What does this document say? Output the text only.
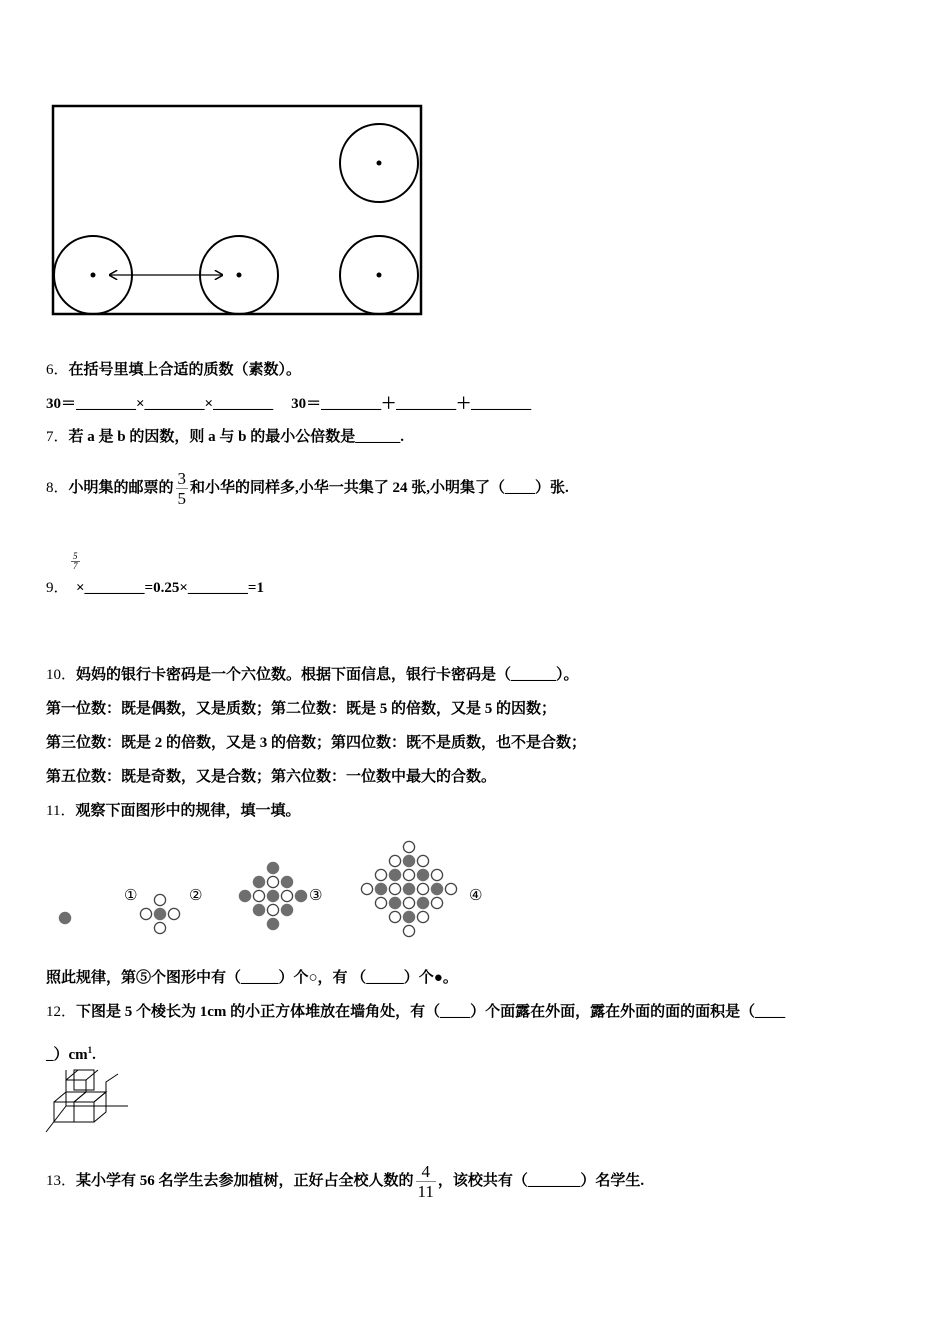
6．在括号里填上合适的质数（素数）。
30＝________×________×________ 30＝________＋________＋________
7．若 a 是 b 的因数，则 a 与 b 的最小公倍数是______.
8．小明集的邮票的 $\frac{3}{5}$ 和小华的同样多,小华一共集了 24 张,小明集了（____）张.
9．
$\frac{5}{7}$
×________=0.25×________=1
10．妈妈的银行卡密码是一个六位数。根据下面信息，银行卡密码是（______）。
第一位数：既是偶数，又是质数；第二位数：既是 5 的倍数，又是 5 的因数；
第三位数：既是 2 的倍数，又是 3 的倍数；第四位数：既不是质数，也不是合数；
第五位数：既是奇数，又是合数；第六位数：一位数中最大的合数。
11．观察下面图形中的规律，填一填。
①	②	③	④
照此规律，第⑤个图形中有（_____）个○，有 （_____）个●。
12．下图是 5 个棱长为 1cm 的小正方体堆放在墙角处，有（____）个面露在外面，露在外面的面的面积是（____
$\_)cm^1$.
13．某小学有 56 名学生去参加植树，正好占全校人数的 $\frac{4}{11}$ ，该校共有（_______）名学生.
